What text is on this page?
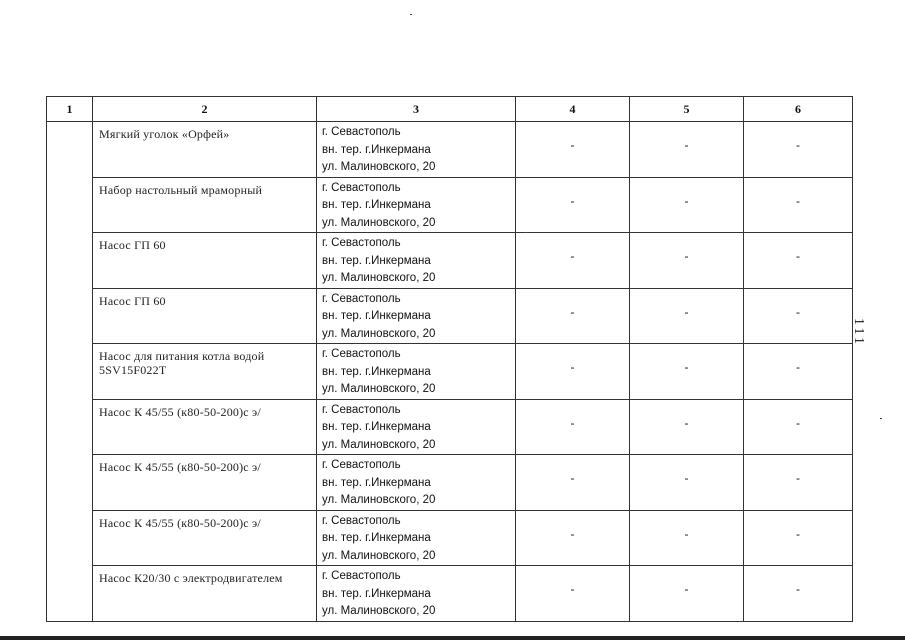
1	2	3	4	5	6

	Мягкий уголок «Орфей»	г. Севастополь
вн. тер. г.Инкермана
ул. Малиновского, 20	-	-	-

	Набор настольный мраморный	г. Севастополь
вн. тер. г.Инкермана
ул. Малиновского, 20	-	-	-

	Насос ГП 60	г. Севастополь
вн. тер. г.Инкермана
ул. Малиновского, 20	-	-	-

	Насос ГП 60	г. Севастополь
вн. тер. г.Инкермана
ул. Малиновского, 20	-	-	-

	Насос для питания котла водой 5SV15F022T	г. Севастополь
вн. тер. г.Инкермана
ул. Малиновского, 20	-	-	-

	Насос К 45/55 (к80-50-200)с э/	г. Севастополь
вн. тер. г.Инкермана
ул. Малиновского, 20	-	-	-

	Насос К 45/55 (к80-50-200)с э/	г. Севастополь
вн. тер. г.Инкермана
ул. Малиновского, 20	-	-	-

	Насос К 45/55 (к80-50-200)с э/	г. Севастополь
вн. тер. г.Инкермана
ул. Малиновского, 20	-	-	-

	Насос К20/30 с электродвигателем	г. Севастополь
вн. тер. г.Инкермана
ул. Малиновского, 20	-	-	-
111
